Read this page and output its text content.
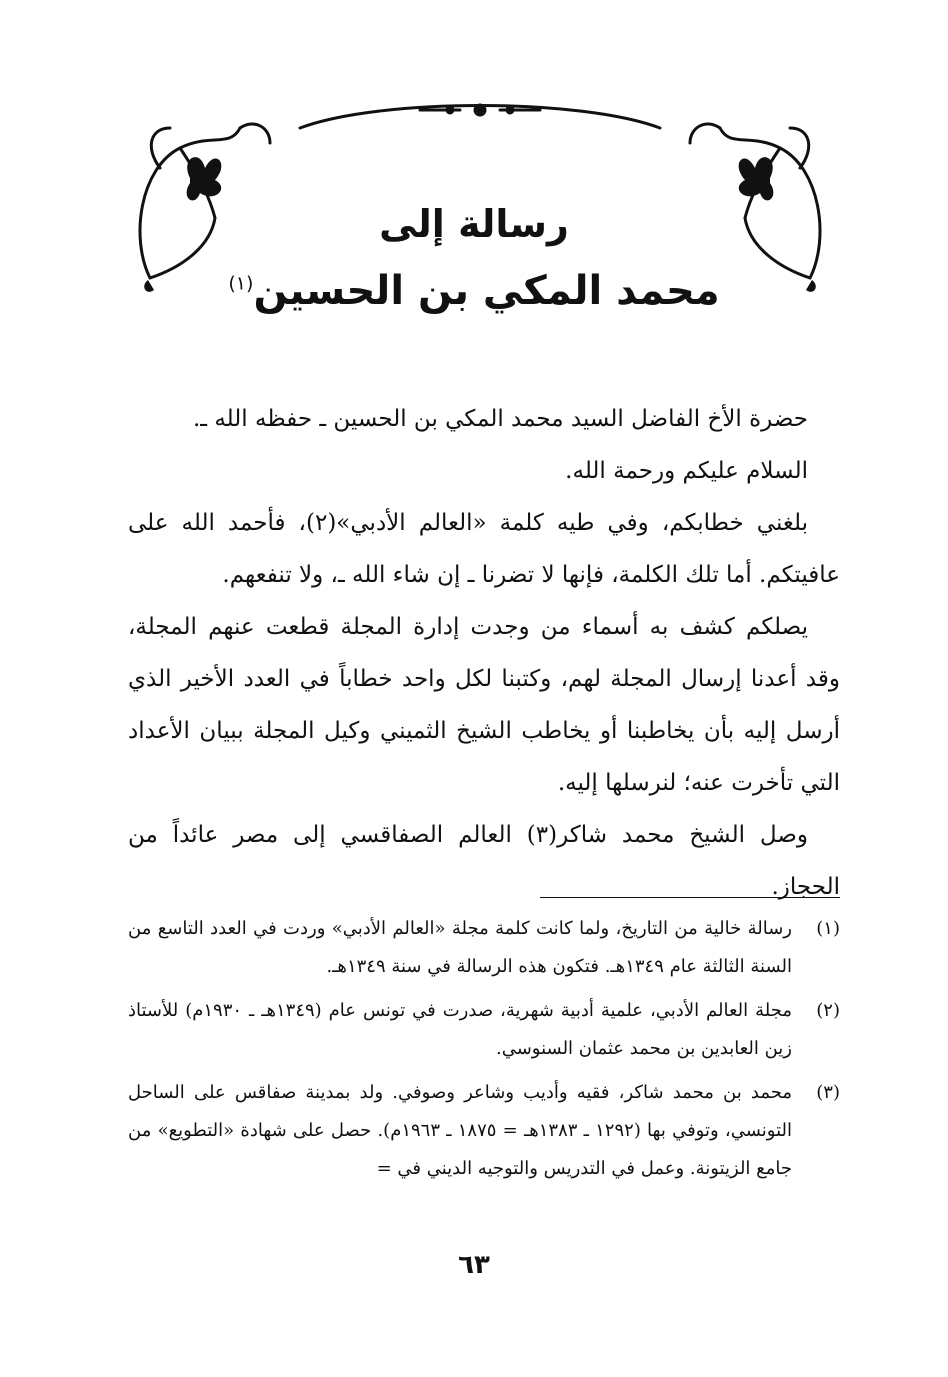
رسالة إلى
محمد المكي بن الحسين$^{(١)}$

حضرة الأخ الفاضل السيد محمد المكي بن الحسين ـ حفظه الله ـ.

السلام عليكم ورحمة الله.

بلغني خطابكم، وفي طيه كلمة «العالم الأدبي»(٢)، فأحمد الله على عافيتكم. أما تلك الكلمة، فإنها لا تضرنا ـ إن شاء الله ـ، ولا تنفعهم.

يصلكم كشف به أسماء من وجدت إدارة المجلة قطعت عنهم المجلة، وقد أعدنا إرسال المجلة لهم، وكتبنا لكل واحد خطاباً في العدد الأخير الذي أرسل إليه بأن يخاطبنا أو يخاطب الشيخ الثميني وكيل المجلة ببيان الأعداد التي تأخرت عنه؛ لنرسلها إليه.

وصل الشيخ محمد شاكر(٣) العالم الصفاقسي إلى مصر عائداً من الحجاز.

(١)
رسالة خالية من التاريخ، ولما كانت كلمة مجلة «العالم الأدبي» وردت في العدد التاسع من السنة الثالثة عام ١٣٤٩هـ. فتكون هذه الرسالة في سنة ١٣٤٩هـ.
(٢)
مجلة العالم الأدبي، علمية أدبية شهرية، صدرت في تونس عام (١٣٤٩هـ ـ ١٩٣٠م) للأستاذ زين العابدين بن محمد عثمان السنوسي.
(٣)
محمد بن محمد شاكر، فقيه وأديب وشاعر وصوفي. ولد بمدينة صفاقس على الساحل التونسي، وتوفي بها (١٢٩٢ ـ ١٣٨٣هـ = ١٨٧٥ ـ ١٩٦٣م). حصل على شهادة «التطويع» من جامع الزيتونة. وعمل في التدريس والتوجيه الديني في =
٦٣
